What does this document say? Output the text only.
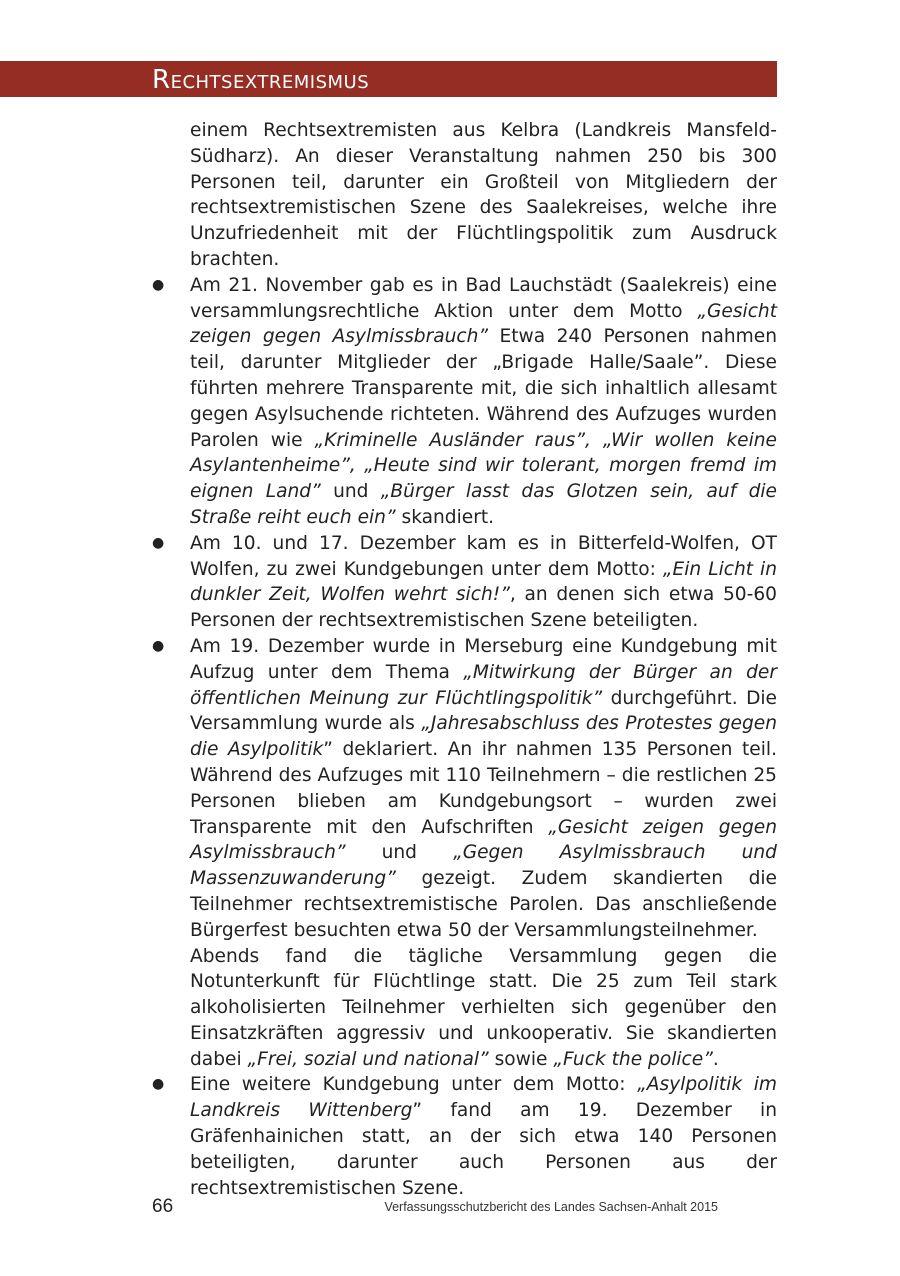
Rechtsextremismus

einem Rechtsextremisten aus Kelbra (Landkreis Mansfeld-Südharz). An dieser Veranstaltung nahmen 250 bis 300 Personen teil, darunter ein Großteil von Mitgliedern der rechtsextremistischen Szene des Saalekreises, welche ihre Unzufriedenheit mit der Flüchtlingspolitik zum Ausdruck brachten.

● Am 21. November gab es in Bad Lauchstädt (Saalekreis) eine versammlungsrechtliche Aktion unter dem Motto „Gesicht zeigen gegen Asylmissbrauch” Etwa 240 Personen nahmen teil, darunter Mitglieder der „Brigade Halle/Saale”. Diese führten mehrere Transparente mit, die sich inhaltlich allesamt gegen Asylsuchende richteten. Während des Aufzuges wurden Parolen wie „Kriminelle Ausländer raus”, „Wir wollen keine Asylantenheime”, „Heute sind wir tolerant, morgen fremd im eignen Land” und „Bürger lasst das Glotzen sein, auf die Straße reiht euch ein” skandiert.

● Am 10. und 17. Dezember kam es in Bitterfeld-Wolfen, OT Wolfen, zu zwei Kundgebungen unter dem Motto: „Ein Licht in dunkler Zeit, Wolfen wehrt sich!”, an denen sich etwa 50-60 Personen der rechtsextremistischen Szene beteiligten.

● Am 19. Dezember wurde in Merseburg eine Kundgebung mit Aufzug unter dem Thema „Mitwirkung der Bürger an der öffentlichen Meinung zur Flüchtlingspolitik” durchgeführt. Die Versammlung wurde als „Jahresabschluss des Protestes gegen die Asylpolitik” deklariert. An ihr nahmen 135 Personen teil. Während des Aufzuges mit 110 Teilnehmern – die restlichen 25 Personen blieben am Kundgebungsort – wurden zwei Transparente mit den Aufschriften „Gesicht zeigen gegen Asylmissbrauch” und „Gegen Asylmissbrauch und Massenzuwanderung” gezeigt. Zudem skandierten die Teilnehmer rechtsextremistische Parolen. Das anschließende Bürgerfest besuchten etwa 50 der Versammlungsteilnehmer.

Abends fand die tägliche Versammlung gegen die Notunterkunft für Flüchtlinge statt. Die 25 zum Teil stark alkoholisierten Teilnehmer verhielten sich gegenüber den Einsatzkräften aggressiv und unkooperativ. Sie skandierten dabei „Frei, sozial und national” sowie „Fuck the police”.

● Eine weitere Kundgebung unter dem Motto: „Asylpolitik im Landkreis Wittenberg” fand am 19. Dezember in Gräfenhainichen statt, an der sich etwa 140 Personen beteiligten, darunter auch Personen aus der rechtsextremistischen Szene.

66	Verfassungsschutzbericht des Landes Sachsen-Anhalt 2015
